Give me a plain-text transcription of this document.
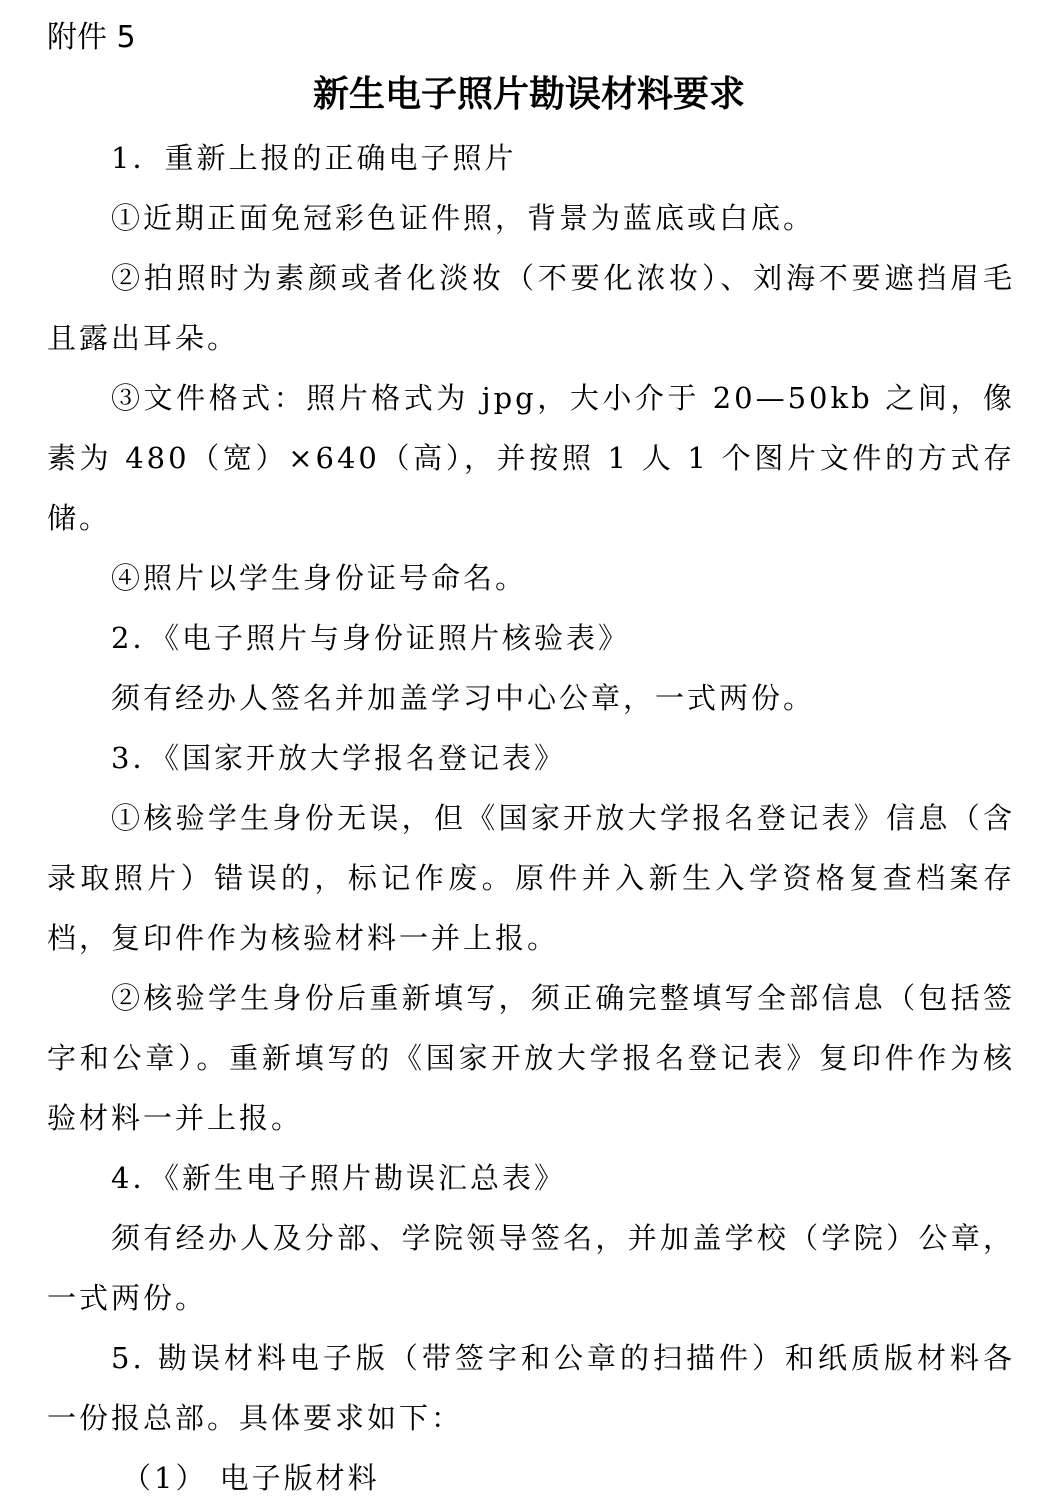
附件 5
新生电子照片勘误材料要求

1．重新上报的正确电子照片

①近期正面免冠彩色证件照，背景为蓝底或白底。

②拍照时为素颜或者化淡妆（不要化浓妆）、刘海不要遮挡眉毛且露出耳朵。

③文件格式：照片格式为 jpg，大小介于 20—50kb 之间，像素为 480（宽）×640（高），并按照 1 人 1 个图片文件的方式存储。

④照片以学生身份证号命名。

2．《电子照片与身份证照片核验表》

须有经办人签名并加盖学习中心公章，一式两份。

3．《国家开放大学报名登记表》

①核验学生身份无误，但《国家开放大学报名登记表》信息（含录取照片）错误的，标记作废。原件并入新生入学资格复查档案存档，复印件作为核验材料一并上报。

②核验学生身份后重新填写，须正确完整填写全部信息（包括签字和公章）。重新填写的《国家开放大学报名登记表》复印件作为核验材料一并上报。

4．《新生电子照片勘误汇总表》

须有经办人及分部、学院领导签名，并加盖学校（学院）公章，一式两份。

5. 勘误材料电子版（带签字和公章的扫描件）和纸质版材料各一份报总部。具体要求如下：

（1） 电子版材料
